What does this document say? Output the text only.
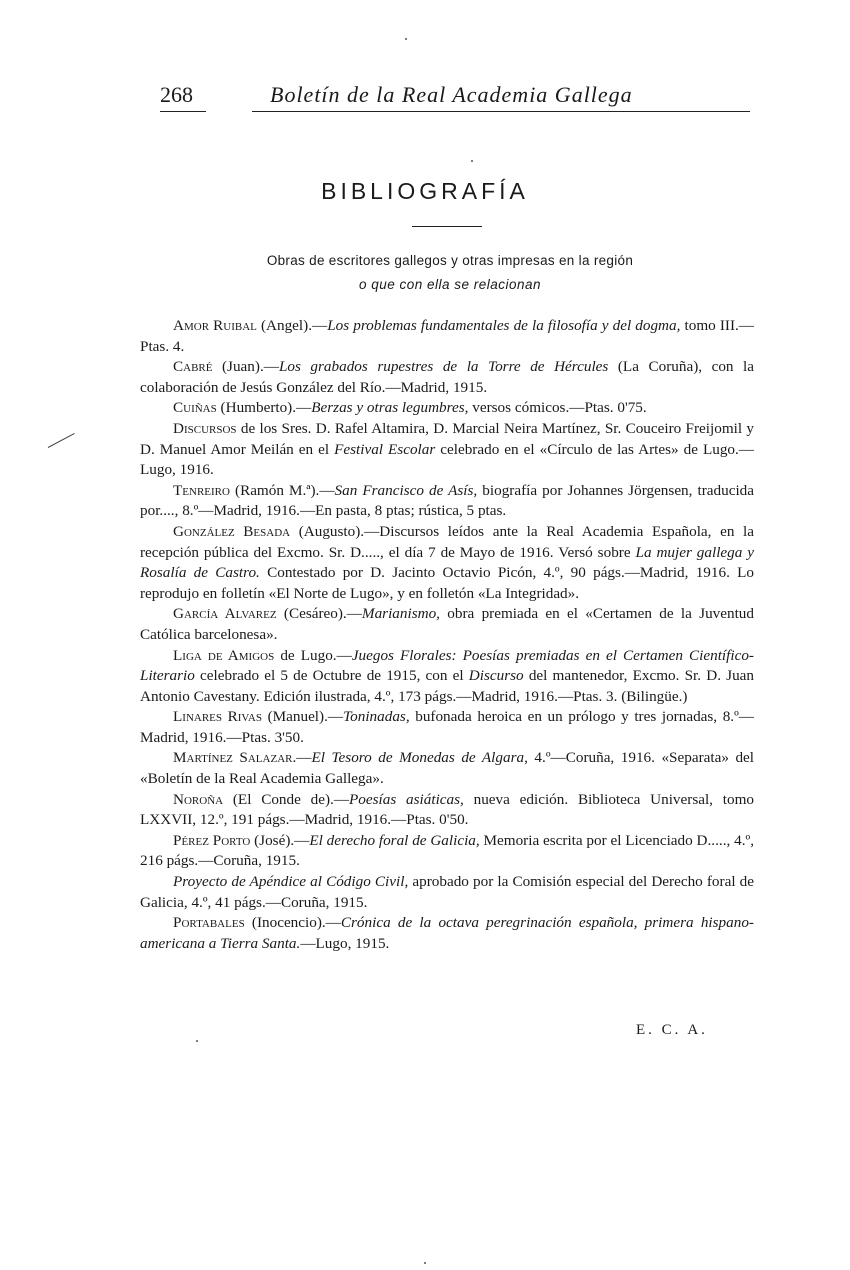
268	Boletín de la Real Academia Gallega
BIBLIOGRAFÍA
Obras de escritores gallegos y otras impresas en la región
o que con ella se relacionan

Amor Ruibal (Angel).—Los problemas fundamentales de la filosofía y del dogma, tomo III.—Ptas. 4.

Cabré (Juan).—Los grabados rupestres de la Torre de Hércules (La Coruña), con la colaboración de Jesús González del Río.—Madrid, 1915.

Cuiñas (Humberto).—Berzas y otras legumbres, versos cómicos.—Ptas. 0'75.

Discursos de los Sres. D. Rafel Altamira, D. Marcial Neira Martínez, Sr. Couceiro Freijomil y D. Manuel Amor Meilán en el Festival Escolar celebrado en el «Círculo de las Artes» de Lugo.—Lugo, 1916.

Tenreiro (Ramón M.ª).—San Francisco de Asís, biografía por Johannes Jörgensen, traducida por...., 8.º—Madrid, 1916.—En pasta, 8 ptas; rústica, 5 ptas.

González Besada (Augusto).—Discursos leídos ante la Real Academia Española, en la recepción pública del Excmo. Sr. D....., el día 7 de Mayo de 1916. Versó sobre La mujer gallega y Rosalía de Castro. Contestado por D. Jacinto Octavio Picón, 4.º, 90 págs.—Madrid, 1916. Lo reprodujo en folletín «El Norte de Lugo», y en folletón «La Integridad».

García Alvarez (Cesáreo).—Marianismo, obra premiada en el «Certamen de la Juventud Católica barcelonesa».

Liga de Amigos de Lugo.—Juegos Florales: Poesías premiadas en el Certamen Científico-Literario celebrado el 5 de Octubre de 1915, con el Discurso del mantenedor, Excmo. Sr. D. Juan Antonio Cavestany. Edición ilustrada, 4.º, 173 págs.—Madrid, 1916.—Ptas. 3. (Bilingüe.)

Linares Rivas (Manuel).—Toninadas, bufonada heroica en un prólogo y tres jornadas, 8.º—Madrid, 1916.—Ptas. 3'50.

Martínez Salazar.—El Tesoro de Monedas de Algara, 4.º—Coruña, 1916. «Separata» del «Boletín de la Real Academia Gallega».

Noroña (El Conde de).—Poesías asiáticas, nueva edición. Biblioteca Universal, tomo LXXVII, 12.º, 191 págs.—Madrid, 1916.—Ptas. 0'50.

Pérez Porto (José).—El derecho foral de Galicia, Memoria escrita por el Licenciado D....., 4.º, 216 págs.—Coruña, 1915.

Proyecto de Apéndice al Código Civil, aprobado por la Comisión especial del Derecho foral de Galicia, 4.º, 41 págs.—Coruña, 1915.

Portabales (Inocencio).—Crónica de la octava peregrinación española, primera hispano-americana a Tierra Santa.—Lugo, 1915.

E. C. A.
